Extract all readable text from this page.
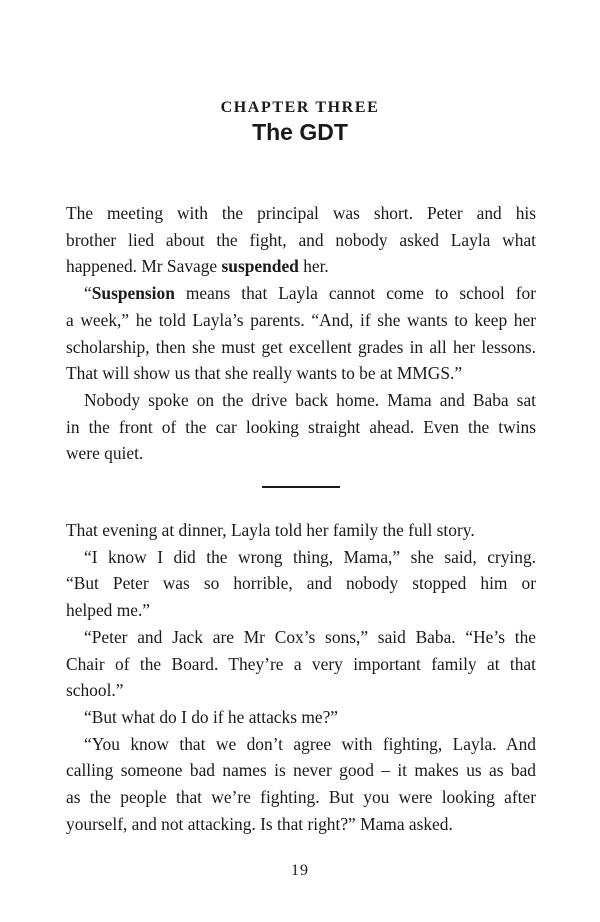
CHAPTER THREE
The GDT
The meeting with the principal was short. Peter and his
brother lied about the fight, and nobody asked Layla what
happened. Mr Savage suspended her.
“Suspension means that Layla cannot come to school for
a week,” he told Layla’s parents. “And, if she wants to keep her
scholarship, then she must get excellent grades in all her lessons.
That will show us that she really wants to be at MMGS.”
Nobody spoke on the drive back home. Mama and Baba sat
in the front of the car looking straight ahead. Even the twins
were quiet.
That evening at dinner, Layla told her family the full story.
“I know I did the wrong thing, Mama,” she said, crying.
“But Peter was so horrible, and nobody stopped him or
helped me.”
“Peter and Jack are Mr Cox’s sons,” said Baba. “He’s the
Chair of the Board. They’re a very important family at that
school.”
“But what do I do if he attacks me?”
“You know that we don’t agree with fighting, Layla. And
calling someone bad names is never good – it makes us as bad
as the people that we’re fighting. But you were looking after
yourself, and not attacking. Is that right?” Mama asked.
19
